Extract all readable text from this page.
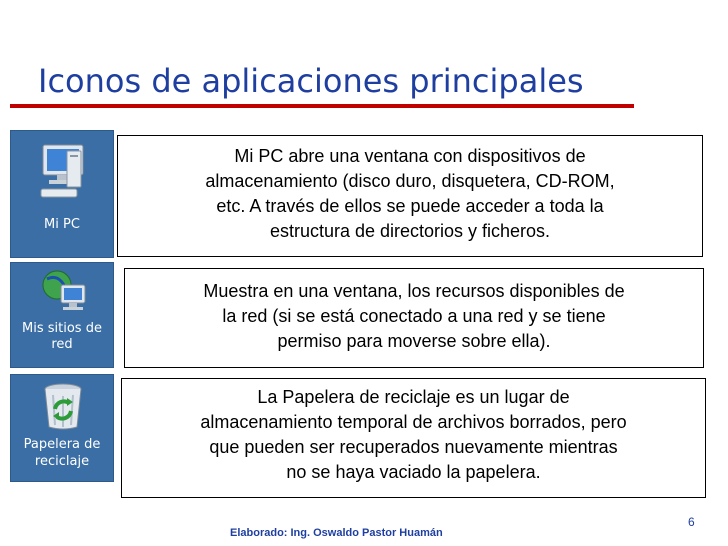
Iconos de aplicaciones principales
Mi PC
Mis sitios de
red
Papelera de
reciclaje
Mi PC abre una ventana con dispositivos de
almacenamiento (disco duro, disquetera, CD-ROM,
etc. A través de ellos se puede acceder a toda la
estructura de directorios y ficheros.
Muestra en una ventana, los recursos disponibles de
la red (si se está conectado a una red y se tiene
permiso para moverse sobre ella).
La Papelera de reciclaje es un lugar de
almacenamiento temporal de archivos borrados, pero
que pueden ser recuperados nuevamente mientras
no se haya vaciado la papelera.
6
Elaborado: Ing. Oswaldo Pastor Huamán
